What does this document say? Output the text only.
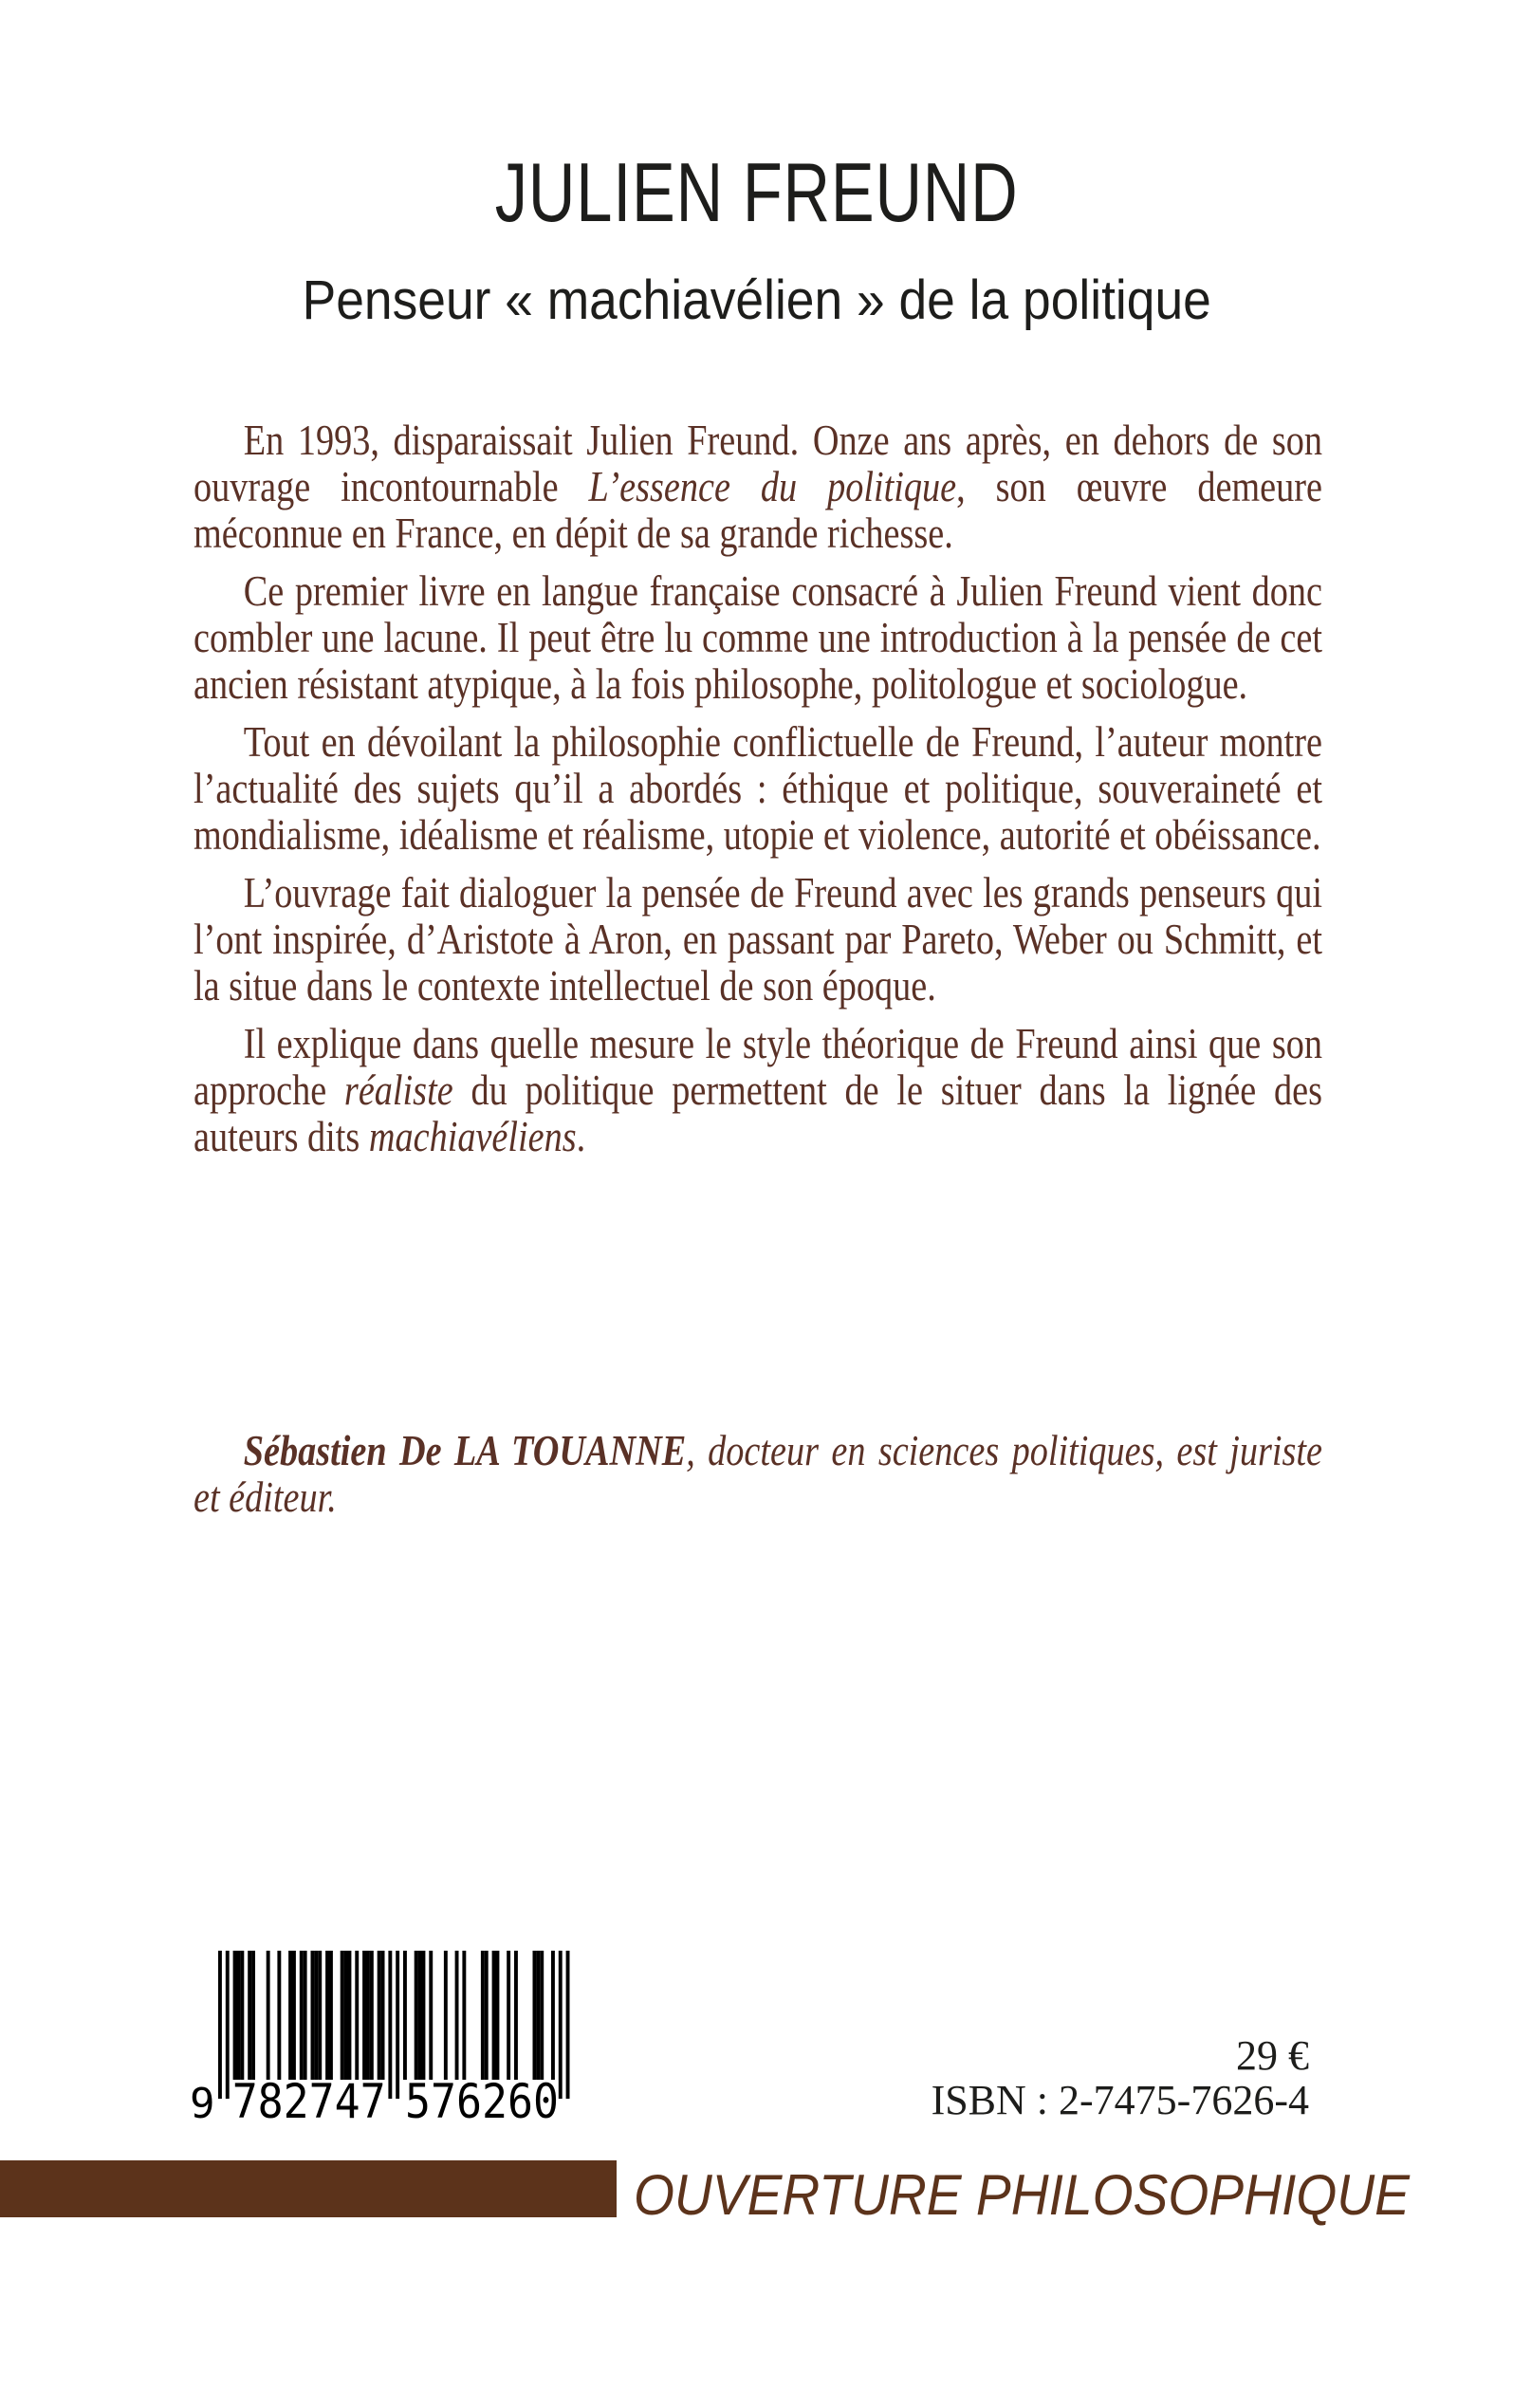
JULIEN FREUND
Penseur « machiavélien » de la politique

En 1993, disparaissait Julien Freund. Onze ans après, en dehors de son ouvrage incontournable L’essence du politique, son œuvre demeure méconnue en France, en dépit de sa grande richesse.

Ce premier livre en langue française consacré à Julien Freund vient donc combler une lacune. Il peut être lu comme une introduction à la pensée de cet ancien résistant atypique, à la fois philosophe, politologue et sociologue.

Tout en dévoilant la philosophie conflictuelle de Freund, l’auteur montre l’actualité des sujets qu’il a abordés : éthique et politique, souveraineté et mondialisme, idéalisme et réalisme, utopie et violence, autorité et obéissance.

L’ouvrage fait dialoguer la pensée de Freund avec les grands penseurs qui l’ont inspirée, d’Aristote à Aron, en passant par Pareto, Weber ou Schmitt, et la situe dans le contexte intellectuel de son époque.

Il explique dans quelle mesure le style théorique de Freund ainsi que son approche réaliste du politique permettent de le situer dans la lignée des auteurs dits machiavéliens.

Sébastien De LA TOUANNE, docteur en sciences politiques, est juriste et éditeur.

9 782747 576260
29 €
ISBN : 2-7475-7626-4
OUVERTURE PHILOSOPHIQUE
